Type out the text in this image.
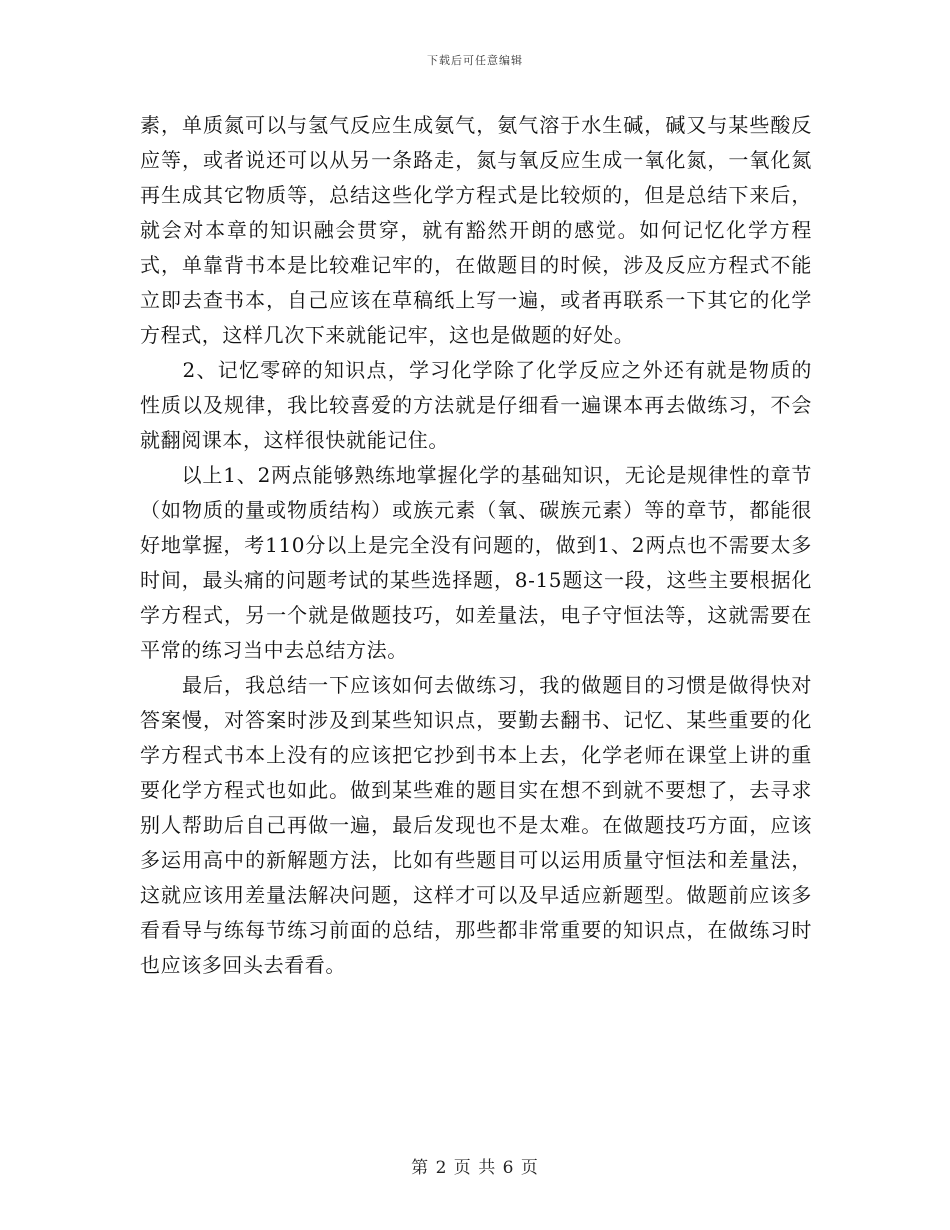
下载后可任意编辑

素，单质氮可以与氢气反应生成氨气，氨气溶于水生碱，碱又与某些酸反应等，或者说还可以从另一条路走，氮与氧反应生成一氧化氮，一氧化氮再生成其它物质等，总结这些化学方程式是比较烦的，但是总结下来后，就会对本章的知识融会贯穿，就有豁然开朗的感觉。如何记忆化学方程式，单靠背书本是比较难记牢的，在做题目的时候，涉及反应方程式不能立即去查书本，自己应该在草稿纸上写一遍，或者再联系一下其它的化学方程式，这样几次下来就能记牢，这也是做题的好处。

　　2、记忆零碎的知识点，学习化学除了化学反应之外还有就是物质的性质以及规律，我比较喜爱的方法就是仔细看一遍课本再去做练习，不会就翻阅课本，这样很快就能记住。

　　以上1、2两点能够熟练地掌握化学的基础知识，无论是规律性的章节（如物质的量或物质结构）或族元素（氧、碳族元素）等的章节，都能很好地掌握，考110分以上是完全没有问题的，做到1、2两点也不需要太多时间，最头痛的问题考试的某些选择题，8-15题这一段，这些主要根据化学方程式，另一个就是做题技巧，如差量法，电子守恒法等，这就需要在平常的练习当中去总结方法。

　　最后，我总结一下应该如何去做练习，我的做题目的习惯是做得快对答案慢，对答案时涉及到某些知识点，要勤去翻书、记忆、某些重要的化学方程式书本上没有的应该把它抄到书本上去，化学老师在课堂上讲的重要化学方程式也如此。做到某些难的题目实在想不到就不要想了，去寻求别人帮助后自己再做一遍，最后发现也不是太难。在做题技巧方面，应该多运用高中的新解题方法，比如有些题目可以运用质量守恒法和差量法，这就应该用差量法解决问题，这样才可以及早适应新题型。做题前应该多看看导与练每节练习前面的总结，那些都非常重要的知识点，在做练习时也应该多回头去看看。

第 2 页 共 6 页
